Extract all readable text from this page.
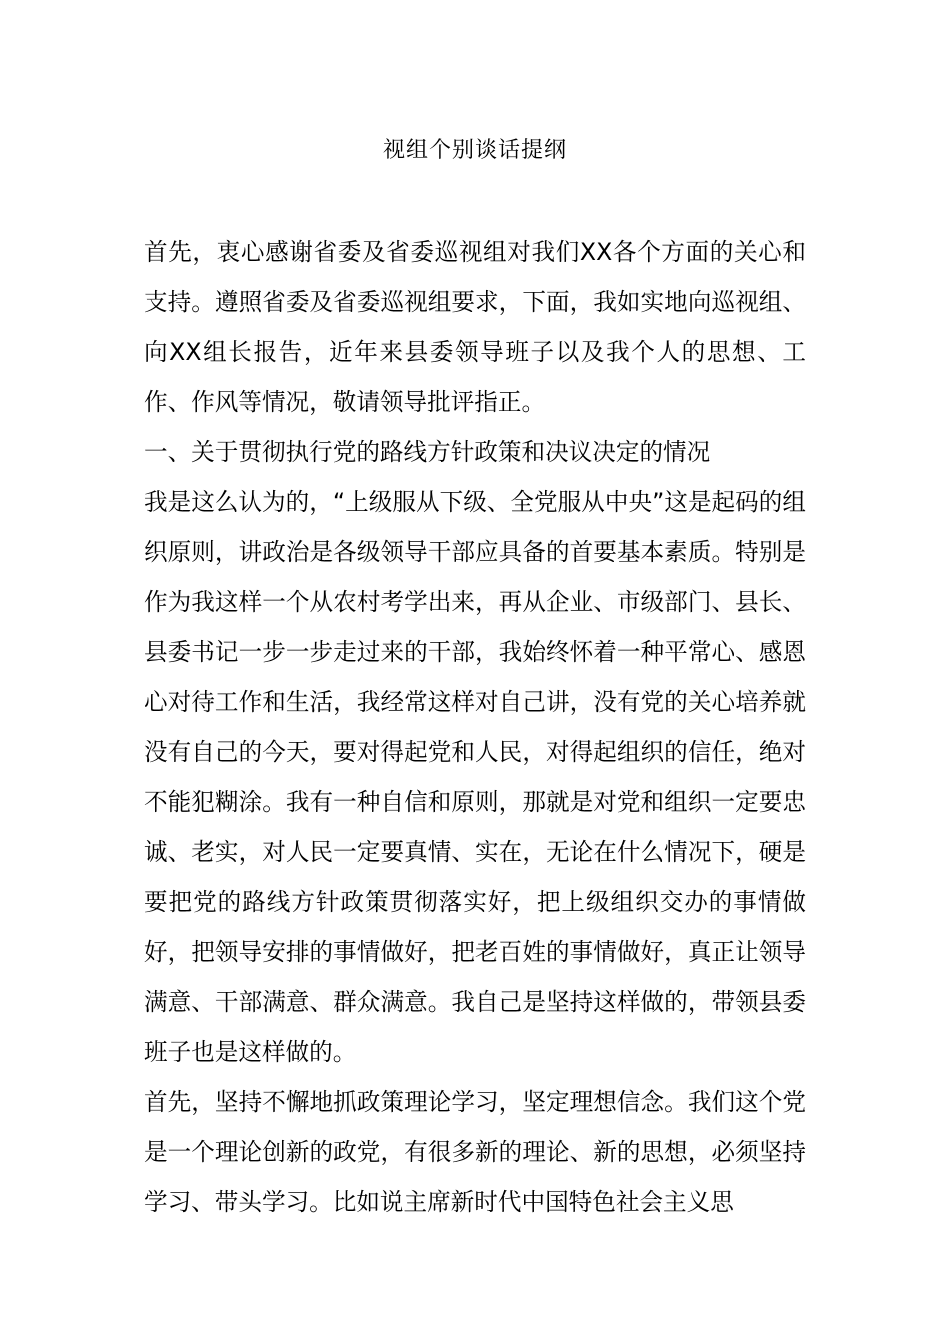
视组个别谈话提纲

首先，衷心感谢省委及省委巡视组对我们XX各个方面的关心和支持。遵照省委及省委巡视组要求，下面，我如实地向巡视组、向XX组长报告，近年来县委领导班子以及我个人的思想、工作、作风等情况，敬请领导批评指正。

一、关于贯彻执行党的路线方针政策和决议决定的情况

我是这么认为的，“上级服从下级、全党服从中央”这是起码的组织原则，讲政治是各级领导干部应具备的首要基本素质。特别是作为我这样一个从农村考学出来，再从企业、市级部门、县长、县委书记一步一步走过来的干部，我始终怀着一种平常心、感恩心对待工作和生活，我经常这样对自己讲，没有党的关心培养就没有自己的今天，要对得起党和人民，对得起组织的信任，绝对不能犯糊涂。我有一种自信和原则，那就是对党和组织一定要忠诚、老实，对人民一定要真情、实在，无论在什么情况下，硬是要把党的路线方针政策贯彻落实好，把上级组织交办的事情做好，把领导安排的事情做好，把老百姓的事情做好，真正让领导满意、干部满意、群众满意。我自己是坚持这样做的，带领县委班子也是这样做的。

首先，坚持不懈地抓政策理论学习，坚定理想信念。我们这个党是一个理论创新的政党，有很多新的理论、新的思想，必须坚持学习、带头学习。比如说主席新时代中国特色社会主义思
